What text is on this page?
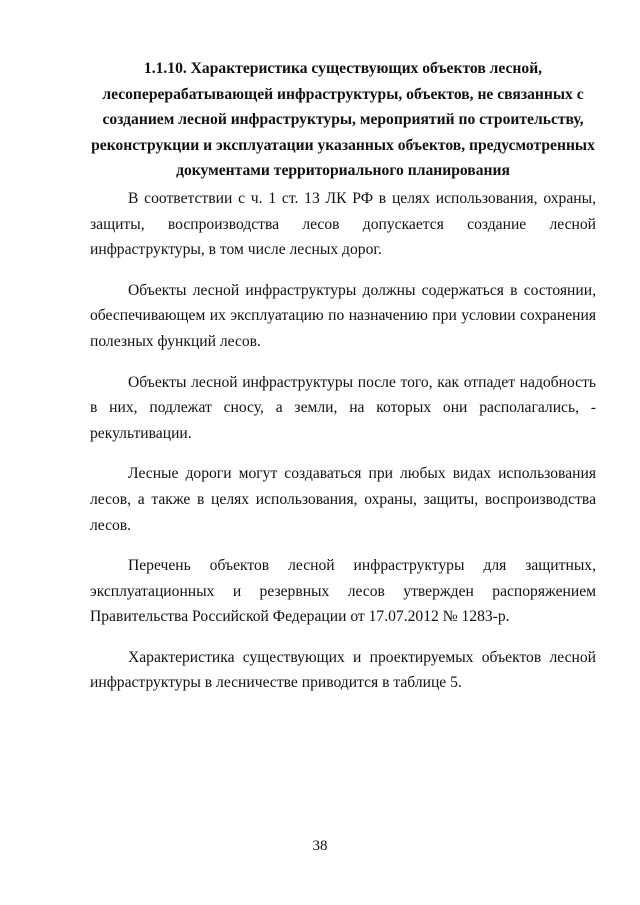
1.1.10. Характеристика существующих объектов лесной,
лесоперерабатывающей инфраструктуры, объектов, не связанных с
созданием лесной инфраструктуры, мероприятий по строительству,
реконструкции и эксплуатации указанных объектов, предусмотренных
документами территориального планирования

В соответствии с ч. 1 ст. 13 ЛК РФ в целях использования, охраны, защиты, воспроизводства лесов допускается создание лесной инфраструктуры, в том числе лесных дорог.

Объекты лесной инфраструктуры должны содержаться в состоянии, обеспечивающем их эксплуатацию по назначению при условии сохранения полезных функций лесов.

Объекты лесной инфраструктуры после того, как отпадет надобность в них, подлежат сносу, а земли, на которых они располагались, - рекультивации.

Лесные дороги могут создаваться при любых видах использования лесов, а также в целях использования, охраны, защиты, воспроизводства лесов.

Перечень объектов лесной инфраструктуры для защитных, эксплуатационных и резервных лесов утвержден распоряжением Правительства Российской Федерации от 17.07.2012 № 1283-р.

Характеристика существующих и проектируемых объектов лесной инфраструктуры в лесничестве приводится в таблице 5.

38
